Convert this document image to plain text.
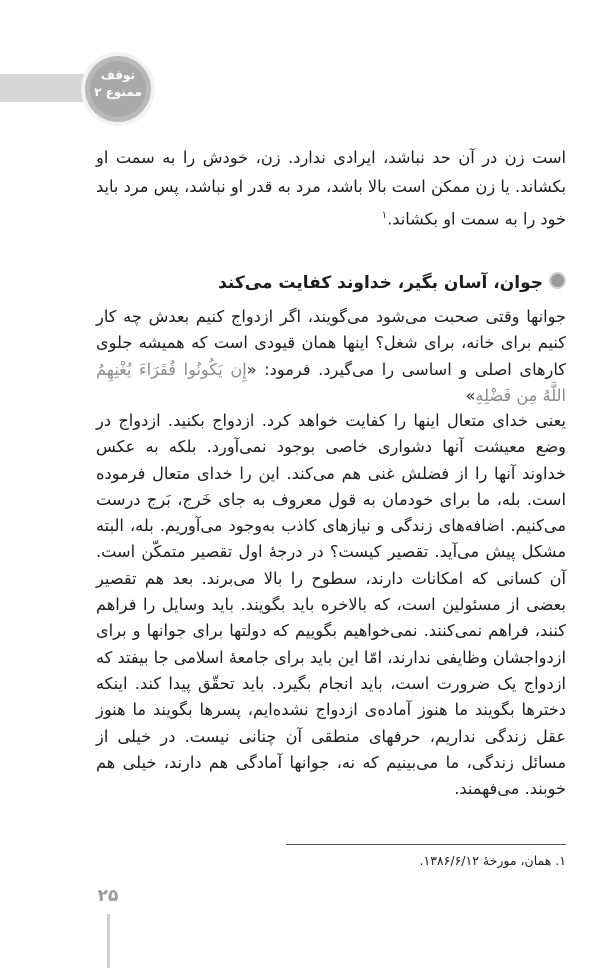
توقف
ممنوع ۲

است زن در آن حد نباشد، ایرادی ندارد. زن، خودش را به سمت او بکشاند. یا زن ممکن است بالا باشد، مرد به قدر او نباشد، پس مرد باید خود را به سمت او بکشاند.$^۱$

جوان، آسان بگیر، خداوند کفایت می‌کند

جوانها وقتی صحبت می‌شود می‌گویند، اگر ازدواج کنیم بعدش چه کار کنیم برای خانه، برای شغل؟ اینها همان قیودی است که همیشه جلوی کارهای اصلی و اساسی را می‌گیرد. فرمود: «إِن يَكُونُوا فُقَرَاءَ يُغْنِهِمُ اللَّهُ مِن فَضْلِهِ»

یعنی خدای متعال اینها را کفایت خواهد کرد. ازدواج بکنید. ازدواج در وضع معیشت آنها دشواری خاصی بوجود نمی‌آورد. بلکه به عکس خداوند آنها را از فضلش غنی هم می‌کند. این را خدای متعال فرموده است. بله، ما برای خودمان به قول معروف به جای خَرج، بَرج درست می‌کنیم. اضافه‌های زندگی و نیازهای کاذب به‌وجود می‌آوریم. بله، البته مشکل پیش می‌آید. تقصیر کیست؟ در درجهٔ اول تقصیر متمکّن است. آن کسانی که امکانات دارند، سطوح را بالا می‌برند. بعد هم تقصیر بعضی از مسئولین است، که بالاخره باید بگویند. باید وسایل را فراهم کنند، فراهم نمی‌کنند. نمی‌خواهیم بگوییم که دولتها برای جوانها و برای ازدواجشان وظایفی ندارند، امّا این باید برای جامعهٔ اسلامی جا بیفتد که ازدواج یک ضرورت است، باید انجام بگیرد. باید تحقّق پیدا کند. اینکه دخترها بگویند ما هنوز آماده‌ی ازدواج نشده‌ایم، پسرها بگویند ما هنوز عقل زندگی نداریم، حرفهای منطقی آن چنانی نیست. در خیلی از مسائل زندگی، ما می‌بینیم که نه، جوانها آمادگی هم دارند، خیلی هم خوبند. می‌فهمند.

۱. همان، مورخهٔ ۱۳۸۶/۶/۱۲.
۲۵
